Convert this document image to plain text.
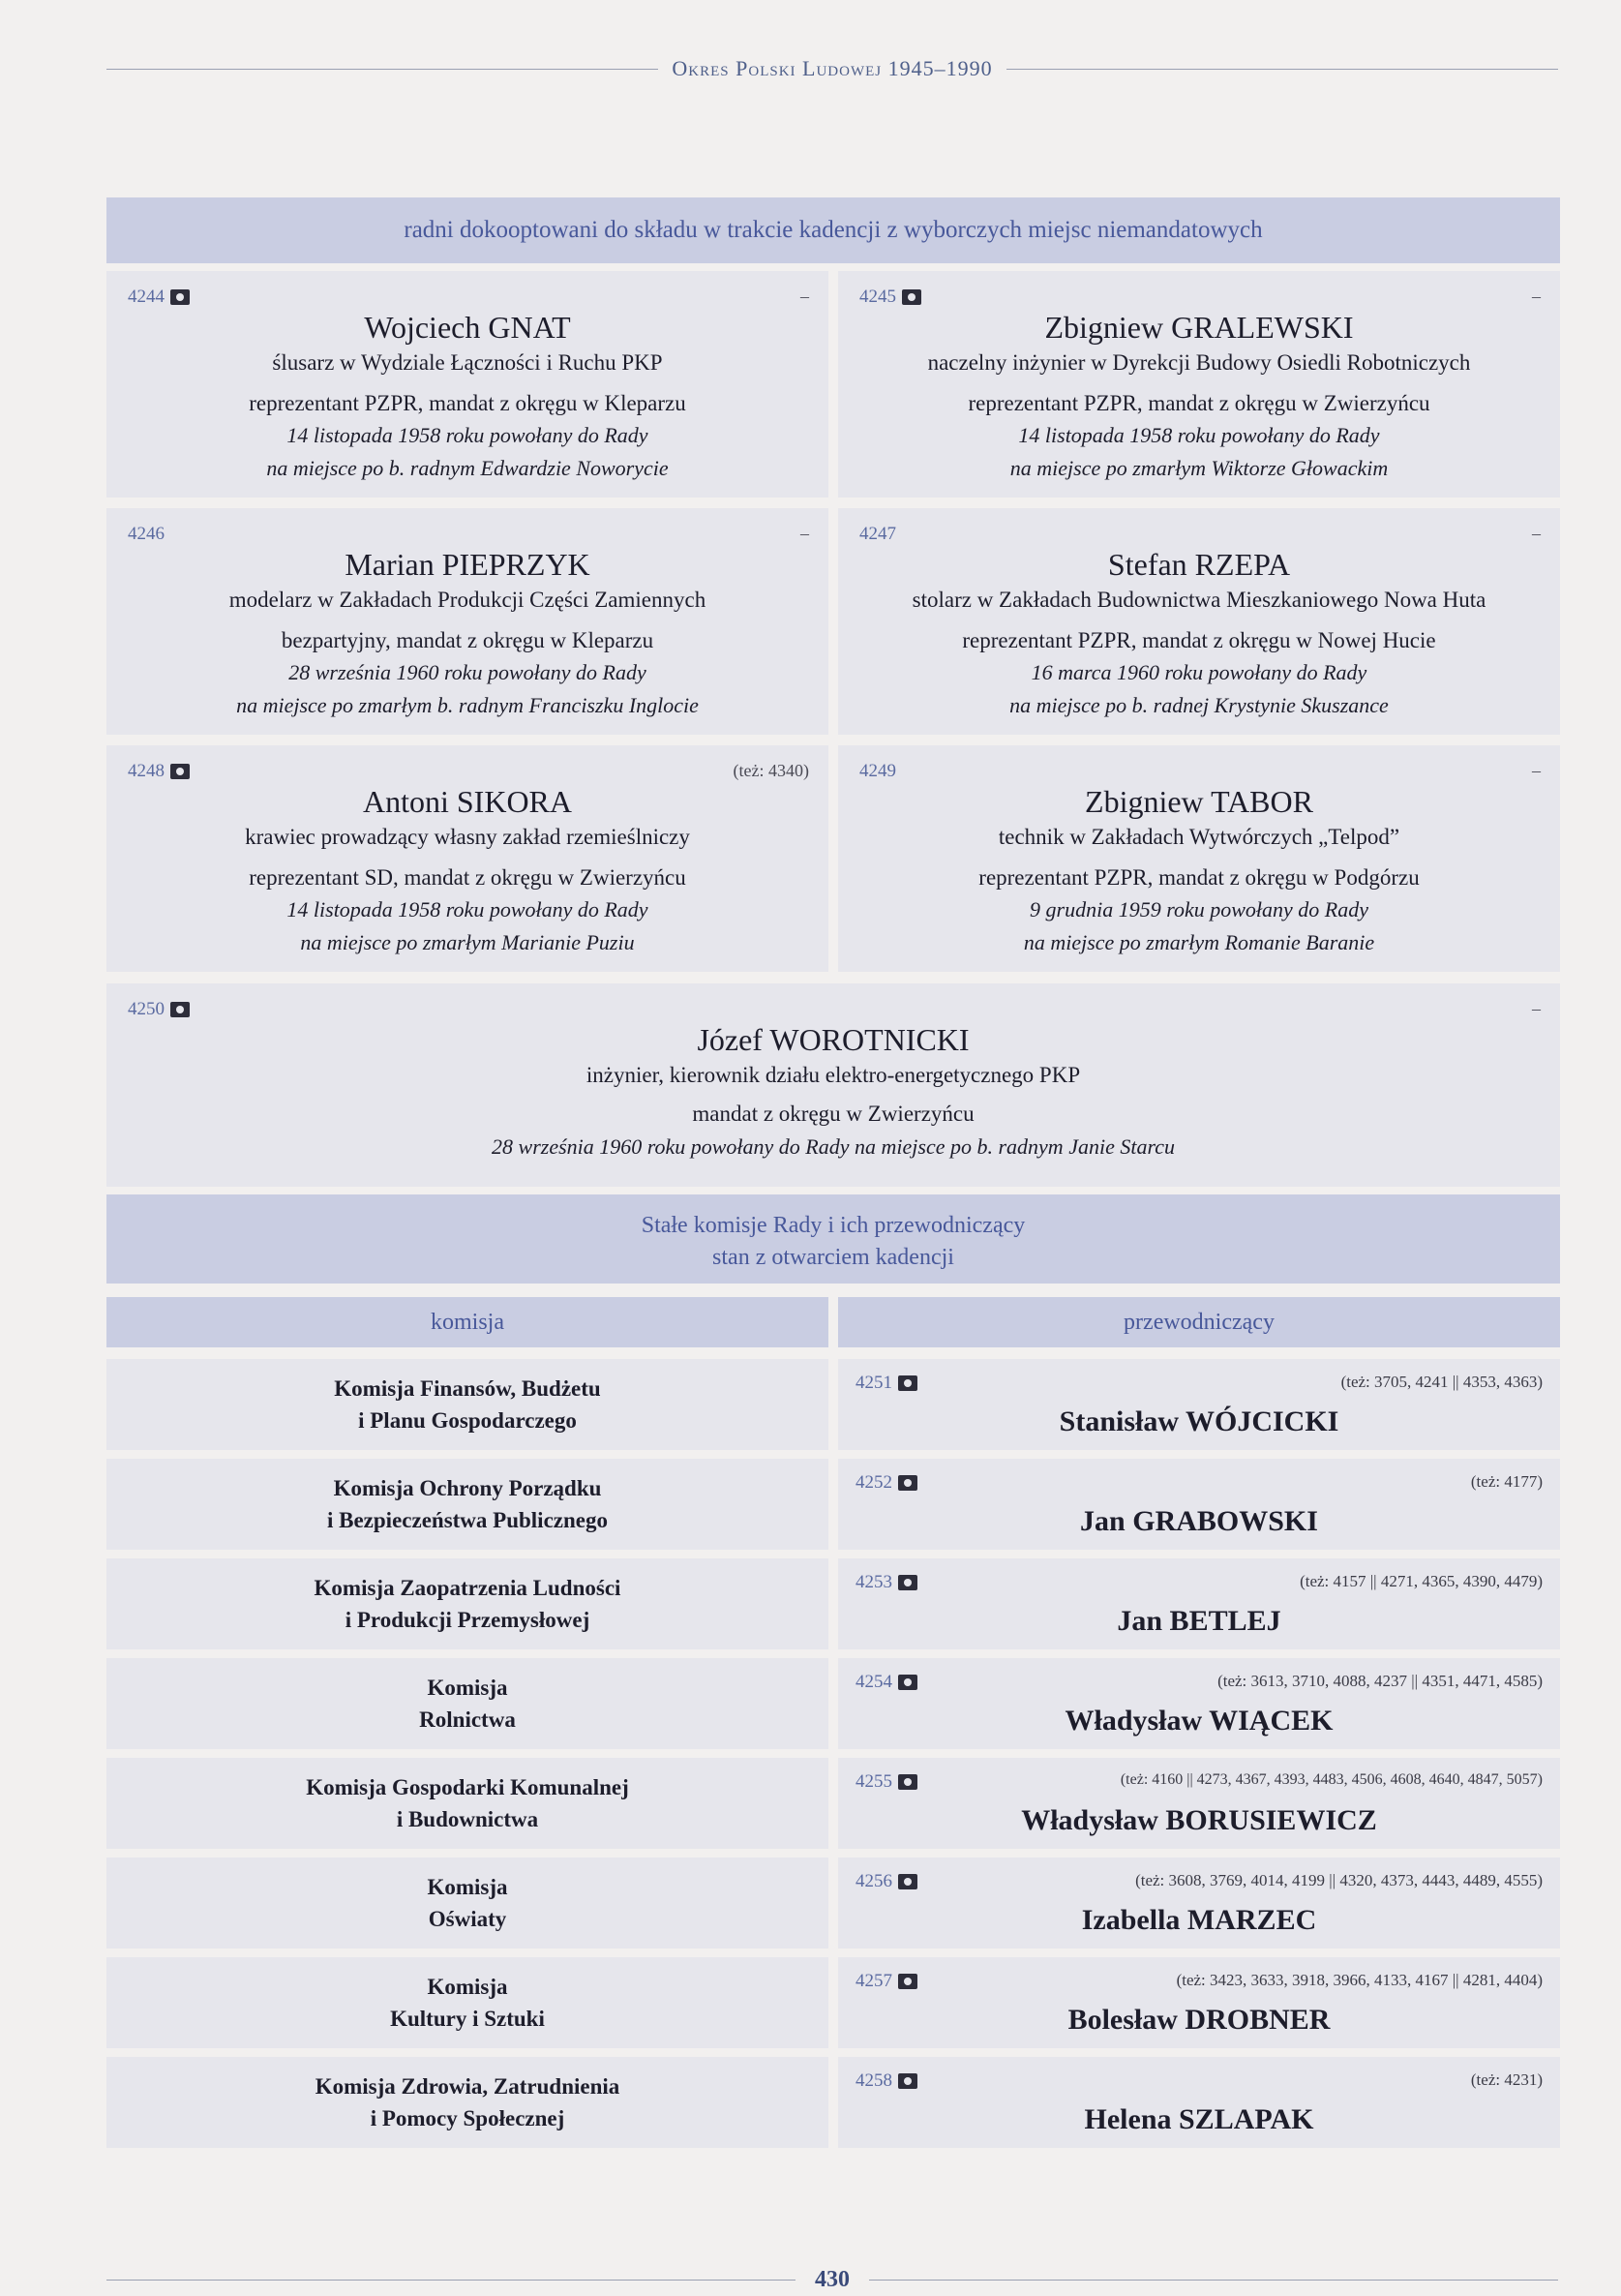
Okres Polski Ludowej 1945–1990
radni dokooptowani do składu w trakcie kadencji z wyborczych miejsc niemandatowych
4244	–
Wojciech GNAT
ślusarz w Wydziale Łączności i Ruchu PKP
reprezentant PZPR, mandat z okręgu w Kleparzu
14 listopada 1958 roku powołany do Rady
na miejsce po b. radnym Edwardzie Noworycie
4245	–
Zbigniew GRALEWSKI
naczelny inżynier w Dyrekcji Budowy Osiedli Robotniczych
reprezentant PZPR, mandat z okręgu w Zwierzyńcu
14 listopada 1958 roku powołany do Rady
na miejsce po zmarłym Wiktorze Głowackim
4246	–
Marian PIEPRZYK
modelarz w Zakładach Produkcji Części Zamiennych
bezpartyjny, mandat z okręgu w Kleparzu
28 września 1960 roku powołany do Rady
na miejsce po zmarłym b. radnym Franciszku Inglocie
4247	–
Stefan RZEPA
stolarz w Zakładach Budownictwa Mieszkaniowego Nowa Huta
reprezentant PZPR, mandat z okręgu w Nowej Hucie
16 marca 1960 roku powołany do Rady
na miejsce po b. radnej Krystynie Skuszance
4248	(też: 4340)
Antoni SIKORA
krawiec prowadzący własny zakład rzemieślniczy
reprezentant SD, mandat z okręgu w Zwierzyńcu
14 listopada 1958 roku powołany do Rady
na miejsce po zmarłym Marianie Puziu
4249	–
Zbigniew TABOR
technik w Zakładach Wytwórczych „Telpod”
reprezentant PZPR, mandat z okręgu w Podgórzu
9 grudnia 1959 roku powołany do Rady
na miejsce po zmarłym Romanie Baranie
4250	–
Józef WOROTNICKI
inżynier, kierownik działu elektro-energetycznego PKP
mandat z okręgu w Zwierzyńcu
28 września 1960 roku powołany do Rady na miejsce po b. radnym Janie Starcu
Stałe komisje Rady i ich przewodniczący
stan z otwarciem kadencji
komisja	przewodniczący
Komisja Finansów, Budżetu
i Planu Gospodarczego
4251	(też: 3705, 4241 || 4353, 4363)
Stanisław WÓJCICKI
Komisja Ochrony Porządku
i Bezpieczeństwa Publicznego
4252	(też: 4177)
Jan GRABOWSKI
Komisja Zaopatrzenia Ludności
i Produkcji Przemysłowej
4253	(też: 4157 || 4271, 4365, 4390, 4479)
Jan BETLEJ
Komisja
Rolnictwa
4254	(też: 3613, 3710, 4088, 4237 || 4351, 4471, 4585)
Władysław WIĄCEK
Komisja Gospodarki Komunalnej
i Budownictwa
4255	(też: 4160 || 4273, 4367, 4393, 4483, 4506, 4608, 4640, 4847, 5057)
Władysław BORUSIEWICZ
Komisja
Oświaty
4256	(też: 3608, 3769, 4014, 4199 || 4320, 4373, 4443, 4489, 4555)
Izabella MARZEC
Komisja
Kultury i Sztuki
4257	(też: 3423, 3633, 3918, 3966, 4133, 4167 || 4281, 4404)
Bolesław DROBNER
Komisja Zdrowia, Zatrudnienia
i Pomocy Społecznej
4258	(też: 4231)
Helena SZLAPAK
430
